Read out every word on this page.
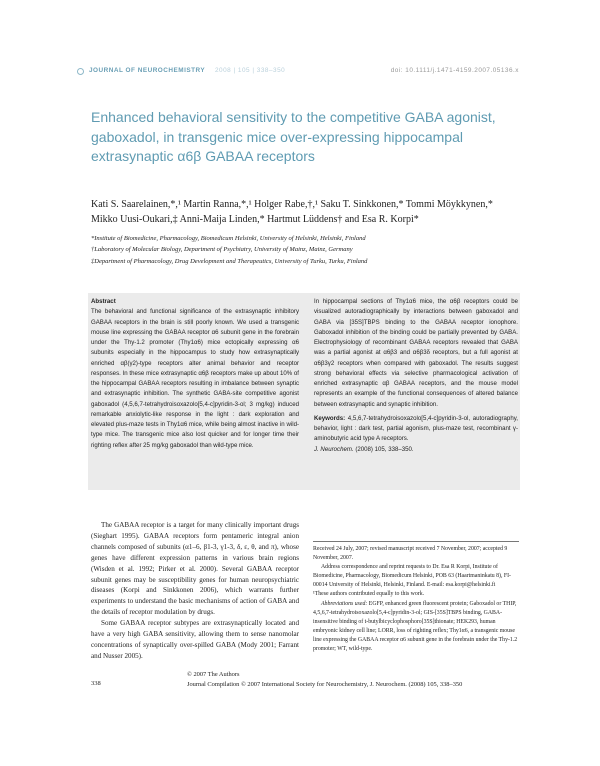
JOURNAL OF NEUROCHEMISTRY 2008 | 105 | 338–350	doi: 10.1111/j.1471-4159.2007.05136.x
Enhanced behavioral sensitivity to the competitive GABA agonist, gaboxadol, in transgenic mice over-expressing hippocampal extrasynaptic α6β GABAA receptors
Kati S. Saarelainen,*,¹ Martin Ranna,*,¹ Holger Rabe,†,¹ Saku T. Sinkkonen,* Tommi Möykkynen,*
Mikko Uusi-Oukari,‡ Anni-Maija Linden,* Hartmut Lüddens† and Esa R. Korpi*
*Institute of Biomedicine, Pharmacology, Biomedicum Helsinki, University of Helsinki, Helsinki, Finland
†Laboratory of Molecular Biology, Department of Psychiatry, University of Mainz, Mainz, Germany
‡Department of Pharmacology, Drug Development and Therapeutics, University of Turku, Turku, Finland
Abstract
The behavioral and functional significance of the extrasynaptic inhibitory GABAA receptors in the brain is still poorly known. We used a transgenic mouse line expressing the GABAA receptor α6 subunit gene in the forebrain under the Thy-1.2 promoter (Thy1α6) mice ectopically expressing α6 subunits especially in the hippocampus to study how extrasynaptically enriched αβ(γ2)-type receptors alter animal behavior and receptor responses. In these mice extrasynaptic α6β receptors make up about 10% of the hippocampal GABAA receptors resulting in imbalance between synaptic and extrasynaptic inhibition. The synthetic GABA-site competitive agonist gaboxadol (4,5,6,7-tetrahydroisoxazolo[5,4-c]pyridin-3-ol; 3 mg/kg) induced remarkable anxiolytic-like response in the light : dark exploration and elevated plus-maze tests in Thy1α6 mice, while being almost inactive in wild-type mice. The transgenic mice also lost quicker and for longer time their righting reflex after 25 mg/kg gaboxadol than wild-type mice.
In hippocampal sections of Thy1α6 mice, the α6β receptors could be visualized autoradiographically by interactions between gaboxadol and GABA via [35S]TBPS binding to the GABAA receptor ionophore. Gaboxadol inhibition of the binding could be partially prevented by GABA. Electrophysiology of recombinant GABAA receptors revealed that GABA was a partial agonist at α6β3 and α6β3δ receptors, but a full agonist at α6β3γ2 receptors when compared with gaboxadol. The results suggest strong behavioral effects via selective pharmacological activation of enriched extrasynaptic αβ GABAA receptors, and the mouse model represents an example of the functional consequences of altered balance between extrasynaptic and synaptic inhibition.
Keywords: 4,5,6,7-tetrahydroisoxazolo[5,4-c]pyridin-3-ol, autoradiography, behavior, light : dark test, partial agonism, plus-maze test, recombinant γ-aminobutyric acid type A receptors.
J. Neurochem. (2008) 105, 338–350.

The GABAA receptor is a target for many clinically important drugs (Sieghart 1995). GABAA receptors form pentameric integral anion channels composed of subunits (α1–6, β1-3, γ1-3, δ, ε, θ, and π), whose genes have different expression patterns in various brain regions (Wisden et al. 1992; Pirker et al. 2000). Several GABAA receptor subunit genes may be susceptibility genes for human neuropsychiatric diseases (Korpi and Sinkkonen 2006), which warrants further experiments to understand the basic mechanisms of action of GABA and the details of receptor modulation by drugs.

Some GABAA receptor subtypes are extrasynaptically located and have a very high GABA sensitivity, allowing them to sense nanomolar concentrations of synaptically over-spilled GABA (Mody 2001; Farrant and Nusser 2005).

Received 24 July, 2007; revised manuscript received 7 November, 2007; accepted 9 November, 2007.

Address correspondence and reprint requests to Dr. Esa R Korpi, Institute of Biomedicine, Pharmacology, Biomedicum Helsinki, POB 63 (Haartmaninkatu 8), FI-00014 University of Helsinki, Helsinki, Finland. E-mail: esa.korpi@helsinki.fi

¹These authors contributed equally to this work.

Abbreviations used: EGFP, enhanced green fluorescent protein; Gaboxadol or THIP, 4,5,6,7-tetrahydroisoxazolo[5,4-c]pyridin-3-ol; GIS-[35S]TBPS binding, GABA-insensitive binding of t-butylbicyclophosphoro[35S]thionate; HEK293, human embryonic kidney cell line; LORR, loss of righting reflex; Thy1α6, a transgenic mouse line expressing the GABAA receptor α6 subunit gene in the forebrain under the Thy-1.2 promoter; WT, wild-type.

338

© 2007 The Authors

Journal Compilation © 2007 International Society for Neurochemistry, J. Neurochem. (2008) 105, 338–350
